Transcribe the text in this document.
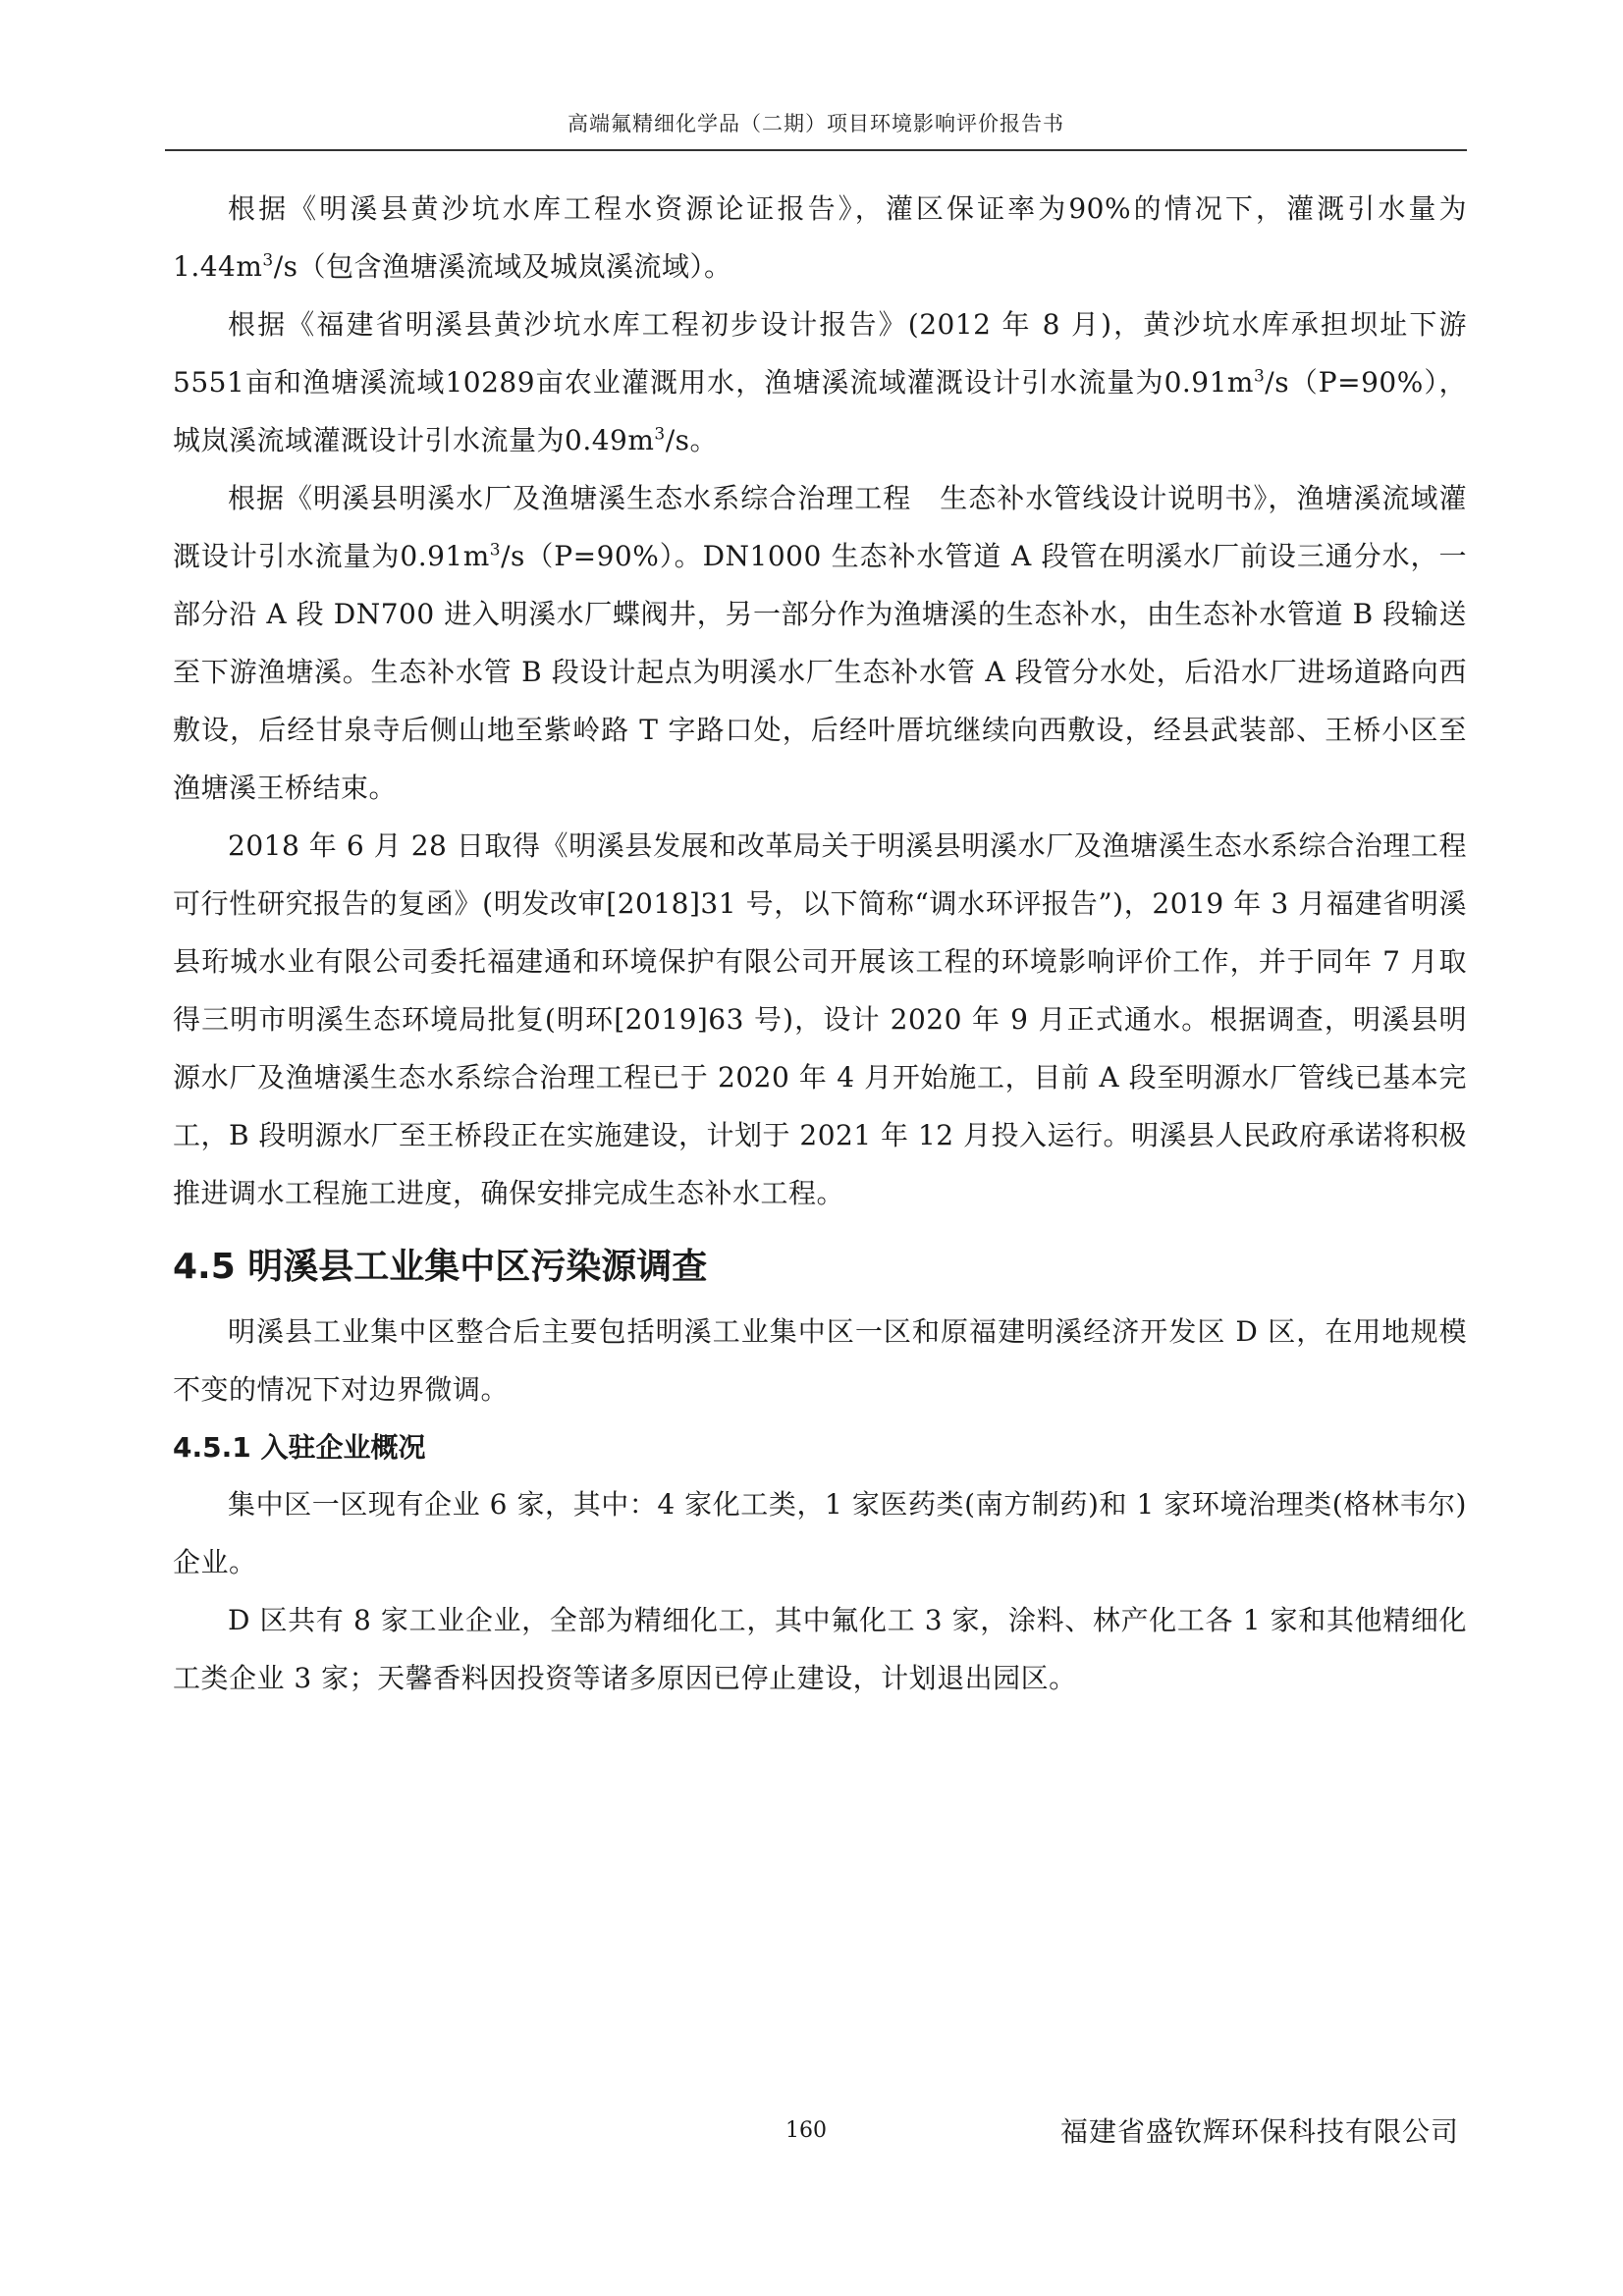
高端氟精细化学品（二期）项目环境影响评价报告书

根据《明溪县黄沙坑水库工程水资源论证报告》，灌区保证率为90%的情况下，灌溉引水量为$1.44m^3/s$（包含渔塘溪流域及城岚溪流域）。

根据《福建省明溪县黄沙坑水库工程初步设计报告》(2012 年 8 月)，黄沙坑水库承担坝址下游5551亩和渔塘溪流域10289亩农业灌溉用水，渔塘溪流域灌溉设计引水流量为$0.91m^3/s(P=90\%)$，城岚溪流域灌溉设计引水流量为$0.49m^3/s$。

根据《明溪县明溪水厂及渔塘溪生态水系综合治理工程　生态补水管线设计说明书》，渔塘溪流域灌溉设计引水流量为$0.91m^3/s(P=90\%)$。DN1000 生态补水管道 A 段管在明溪水厂前设三通分水，一部分沿 A 段 DN700 进入明溪水厂蝶阀井，另一部分作为渔塘溪的生态补水，由生态补水管道 B 段输送至下游渔塘溪。生态补水管 B 段设计起点为明溪水厂生态补水管 A 段管分水处，后沿水厂进场道路向西敷设，后经甘泉寺后侧山地至紫岭路 T 字路口处，后经叶厝坑继续向西敷设，经县武装部、王桥小区至渔塘溪王桥结束。

2018 年 6 月 28 日取得《明溪县发展和改革局关于明溪县明溪水厂及渔塘溪生态水系综合治理工程可行性研究报告的复函》(明发改审[2018]31 号，以下简称“调水环评报告”)，2019 年 3 月福建省明溪县珩城水业有限公司委托福建通和环境保护有限公司开展该工程的环境影响评价工作，并于同年 7 月取得三明市明溪生态环境局批复(明环[2019]63 号)，设计 2020 年 9 月正式通水。根据调查，明溪县明源水厂及渔塘溪生态水系综合治理工程已于 2020 年 4 月开始施工，目前 A 段至明源水厂管线已基本完工，B 段明源水厂至王桥段正在实施建设，计划于 2021 年 12 月投入运行。明溪县人民政府承诺将积极推进调水工程施工进度，确保安排完成生态补水工程。

4.5 明溪县工业集中区污染源调查

明溪县工业集中区整合后主要包括明溪工业集中区一区和原福建明溪经济开发区 D 区，在用地规模不变的情况下对边界微调。

4.5.1 入驻企业概况

集中区一区现有企业 6 家，其中：4 家化工类，1 家医药类(南方制药)和 1 家环境治理类(格林韦尔)企业。

D 区共有 8 家工业企业，全部为精细化工，其中氟化工 3 家，涂料、林产化工各 1 家和其他精细化工类企业 3 家；天馨香料因投资等诸多原因已停止建设，计划退出园区。

160	福建省盛钦辉环保科技有限公司
